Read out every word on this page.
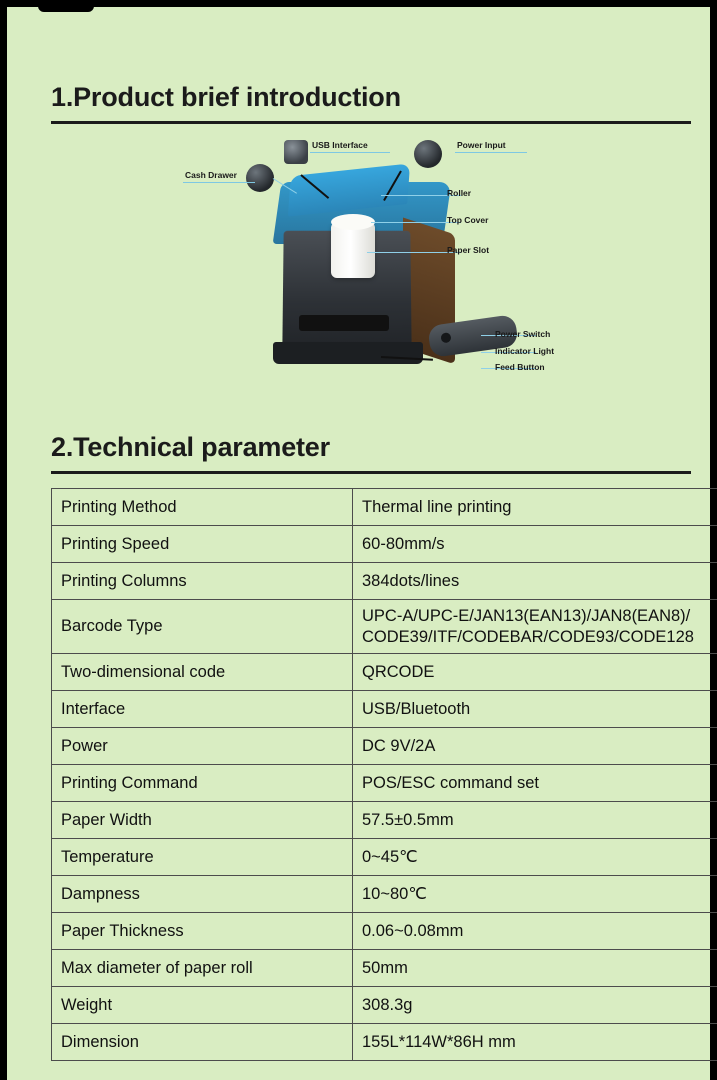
1.Product brief introduction
Cash Drawer
USB Interface	Power Input
Roller
Top Cover
Paper Slot
Power Switch
Indicator Light
Feed Button
2.Technical parameter
Printing Method	Thermal line printing
Printing Speed	60-80mm/s
Printing Columns	384dots/lines
Barcode Type	UPC-A/UPC-E/JAN13(EAN13)/JAN8(EAN8)/ CODE39/ITF/CODEBAR/CODE93/CODE128
Two-dimensional code	QRCODE
Interface	USB/Bluetooth
Power	DC 9V/2A
Printing Command	POS/ESC command set
Paper Width	57.5±0.5mm
Temperature	0~45℃
Dampness	10~80℃
Paper Thickness	0.06~0.08mm
Max diameter of paper roll	50mm
Weight	308.3g
Dimension	155L*114W*86H mm
